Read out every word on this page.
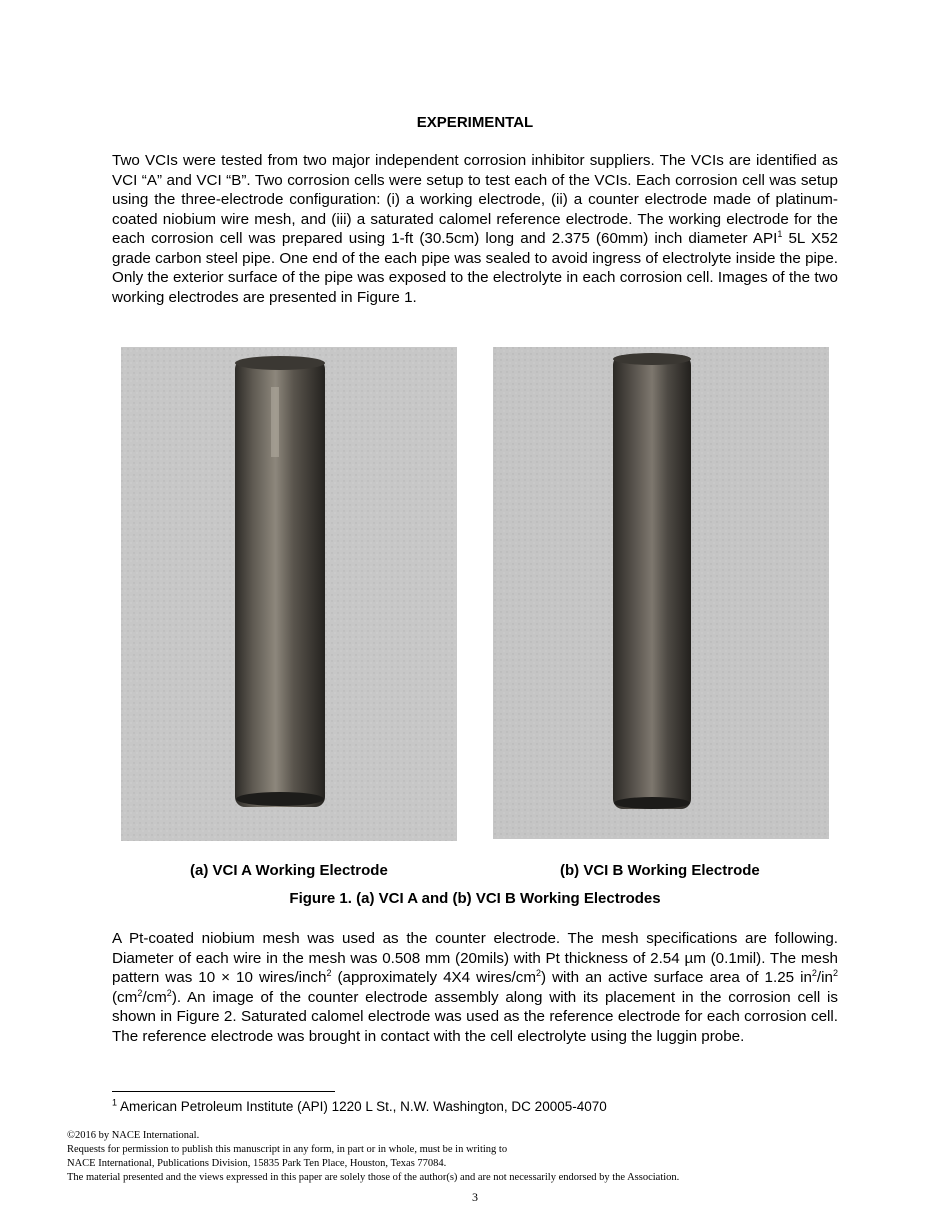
EXPERIMENTAL

Two VCIs were tested from two major independent corrosion inhibitor suppliers. The VCIs are identified as VCI “A” and VCI “B”. Two corrosion cells were setup to test each of the VCIs. Each corrosion cell was setup using the three-electrode configuration: (i) a working electrode, (ii) a counter electrode made of platinum-coated niobium wire mesh, and (iii) a saturated calomel reference electrode. The working electrode for the each corrosion cell was prepared using 1-ft (30.5cm) long and 2.375 (60mm) inch diameter API$^1$ 5L X52 grade carbon steel pipe. One end of the each pipe was sealed to avoid ingress of electrolyte inside the pipe. Only the exterior surface of the pipe was exposed to the electrolyte in each corrosion cell. Images of the two working electrodes are presented in Figure 1.

(a) VCI A Working Electrode	(b) VCI B Working Electrode
Figure 1. (a) VCI A and (b) VCI B Working Electrodes

A Pt-coated niobium mesh was used as the counter electrode. The mesh specifications are following. Diameter of each wire in the mesh was 0.508 mm (20mils) with Pt thickness of 2.54 µm (0.1mil). The mesh pattern was 10 × 10 wires/inch$^2$ (approximately 4X4 wires/$cm^2$) with an active surface area of 1.25 $in^2/in^2$ $(cm^2/cm^2)$. An image of the counter electrode assembly along with its placement in the corrosion cell is shown in Figure 2. Saturated calomel electrode was used as the reference electrode for each corrosion cell. The reference electrode was brought in contact with the cell electrolyte using the luggin probe.

$^1$ American Petroleum Institute (API) 1220 L St., N.W. Washington, DC 20005-4070
©2016 by NACE International.
Requests for permission to publish this manuscript in any form, in part or in whole, must be in writing to
NACE International, Publications Division, 15835 Park Ten Place, Houston, Texas 77084.
The material presented and the views expressed in this paper are solely those of the author(s) and are not necessarily endorsed by the Association.
3
